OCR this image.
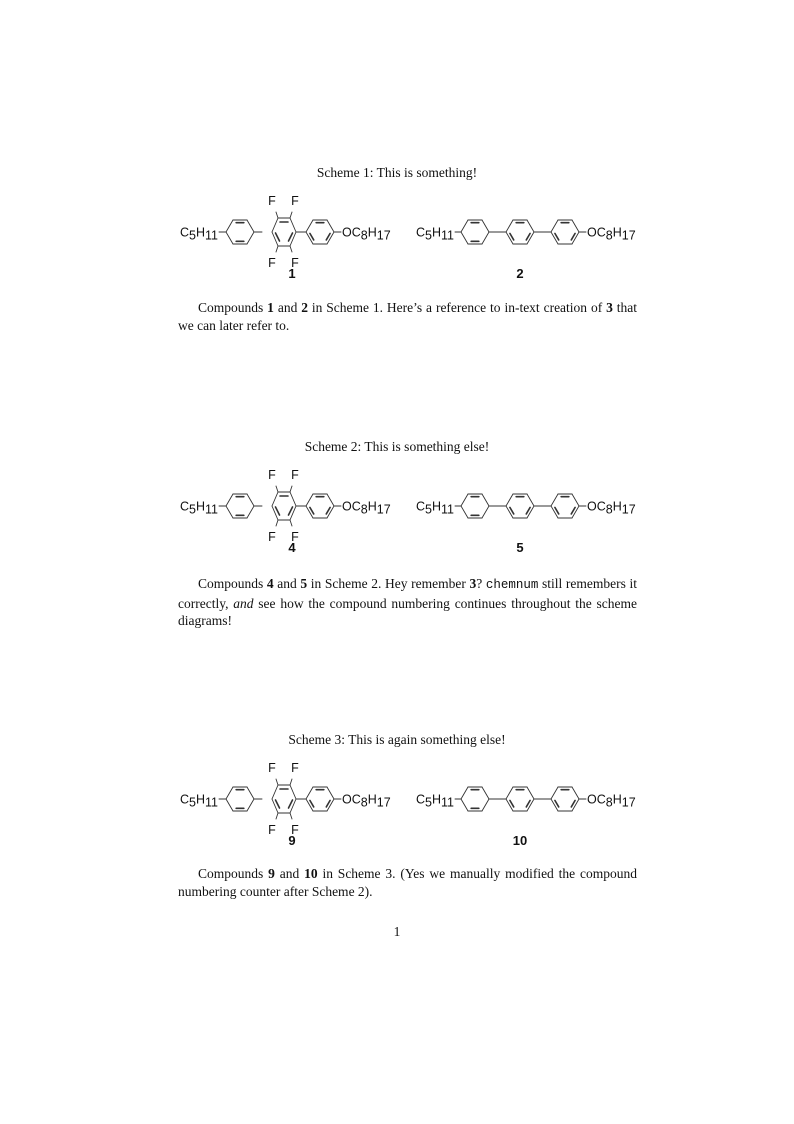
Scheme 1: This is something!
C5H11
F F
F F
OC8H17
1
C5H11	OC8H17
2

Compounds 1 and 2 in Scheme 1. Here’s a reference to in-text creation of 3 that we can later refer to.

Scheme 2: This is something else!
C5H11
F F
F F
OC8H17
4
C5H11	OC8H17
5

Compounds 4 and 5 in Scheme 2. Hey remember 3? chemnum still remembers it correctly, and see how the compound numbering continues throughout the scheme diagrams!

Scheme 3: This is again something else!
C5H11
F F
F F
OC8H17
9
C5H11	OC8H17
10

Compounds 9 and 10 in Scheme 3. (Yes we manually modified the compound numbering counter after Scheme 2).

1
